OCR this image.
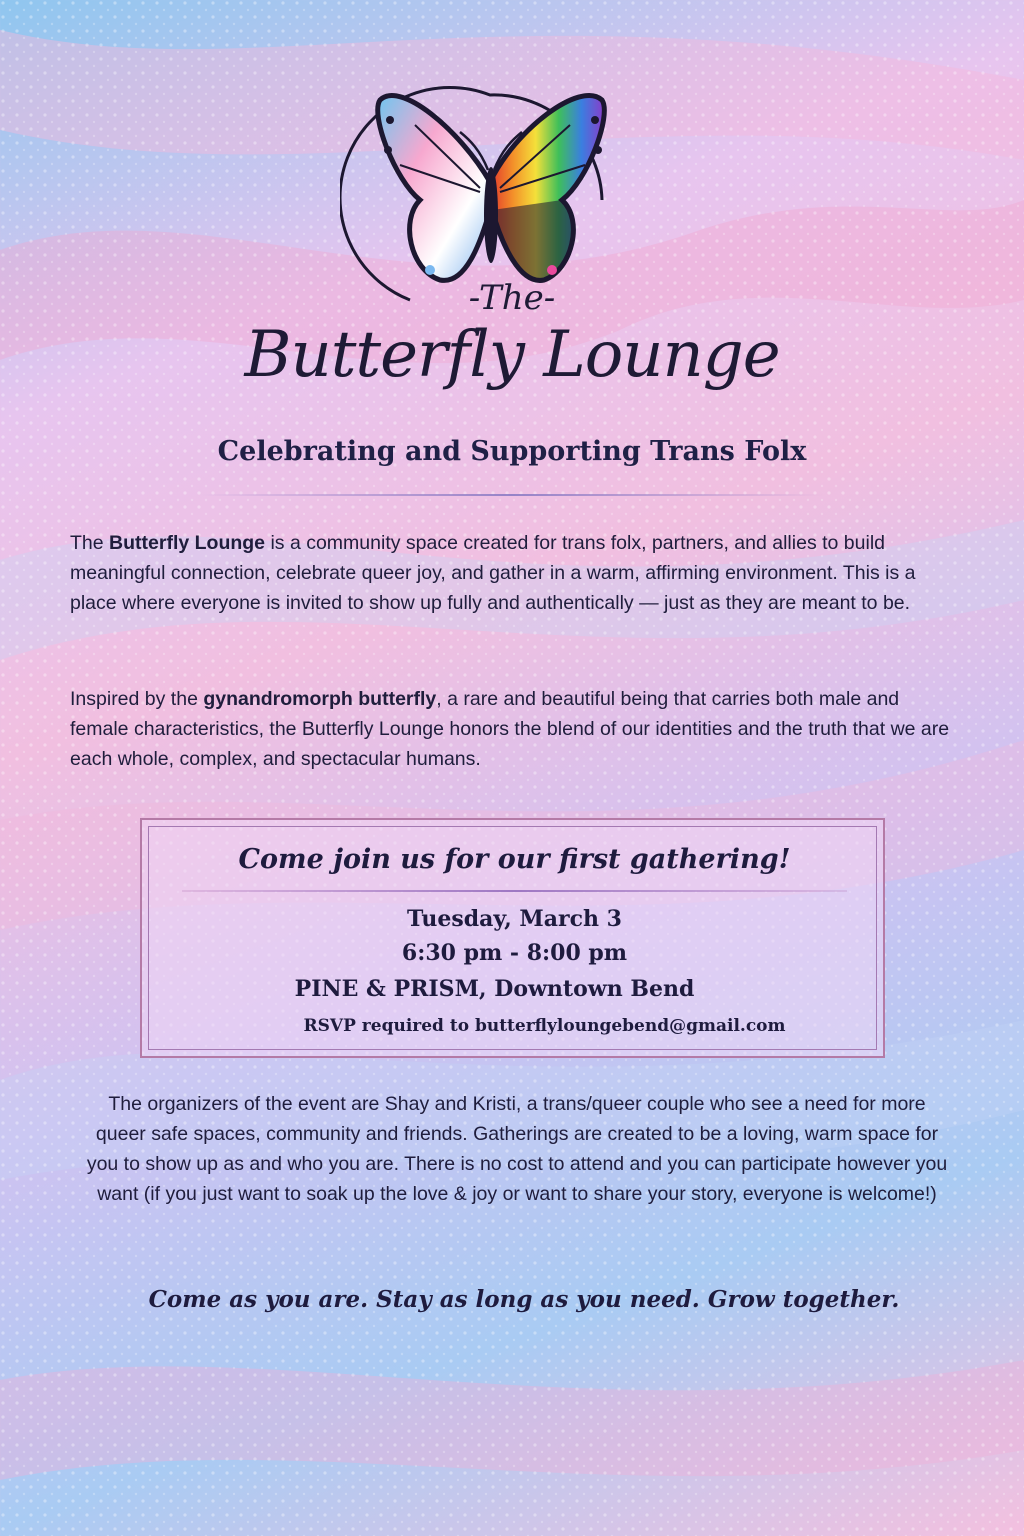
-The-
Butterfly Lounge
Celebrating and Supporting Trans Folx
The Butterfly Lounge is a community space created for trans folx, partners, and allies to build meaningful connection, celebrate queer joy, and gather in a warm, affirming environment. This is a place where everyone is invited to show up fully and authentically — just as they are meant to be.
Inspired by the gynandromorph butterfly, a rare and beautiful being that carries both male and female characteristics, the Butterfly Lounge honors the blend of our identities and the truth that we are each whole, complex, and spectacular humans.
Come join us for our first gathering!
Tuesday, March 3
6:30 pm - 8:00 pm
PINE & PRISM, Downtown Bend
RSVP required to butterflyloungebend@gmail.com
The organizers of the event are Shay and Kristi, a trans/queer couple who see a need for more queer safe spaces, community and friends. Gatherings are created to be a loving, warm space for you to show up as and who you are. There is no cost to attend and you can participate however you want (if you just want to soak up the love & joy or want to share your story, everyone is welcome!)
Come as you are. Stay as long as you need. Grow together.
